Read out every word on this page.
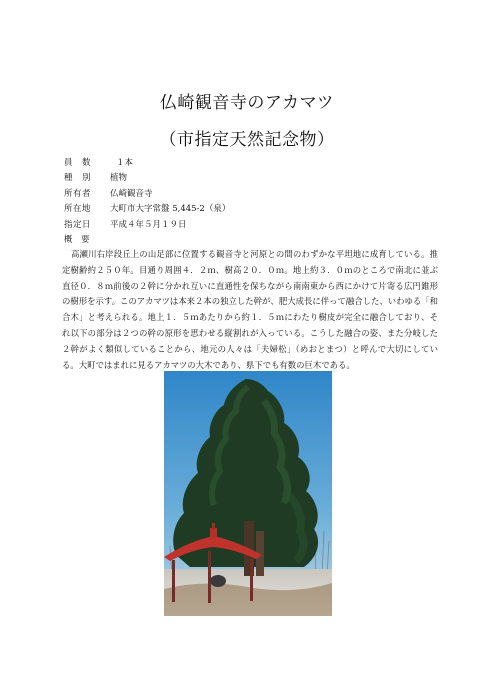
仏崎観音寺のアカマツ
（市指定天然記念物）
員　数	１本
種　別	植物
所有者	仏崎観音寺
所在地	大町市大字常盤 5,445-2（泉）
指定日	平成４年５月１９日
概　要
高瀬川右岸段丘上の山足部に位置する観音寺と河原との間のわずかな平坦地に成育している。推定樹齢約２５０年。目通り周囲４．２ｍ、樹高２０．０ｍ。地上約３．０ｍのところで南北に並ぶ直径０．８ｍ前後の２幹に分かれ互いに直通性を保ちながら南南東から西にかけて片寄る広円錐形の樹形を示す。このアカマツは本来２本の独立した幹が、肥大成長に伴って融合した、いわゆる「和合木」と考えられる。地上１．５ｍあたりから約１．５ｍにわたり樹皮が完全に融合しており、それ以下の部分は２つの幹の原形を思わせる縦割れが入っている。こうした融合の姿、また分岐した２幹がよく類似していることから、地元の人々は「夫婦松」（めおとまつ）と呼んで大切にしている。大町ではまれに見るアカマツの大木であり、県下でも有数の巨木である。
